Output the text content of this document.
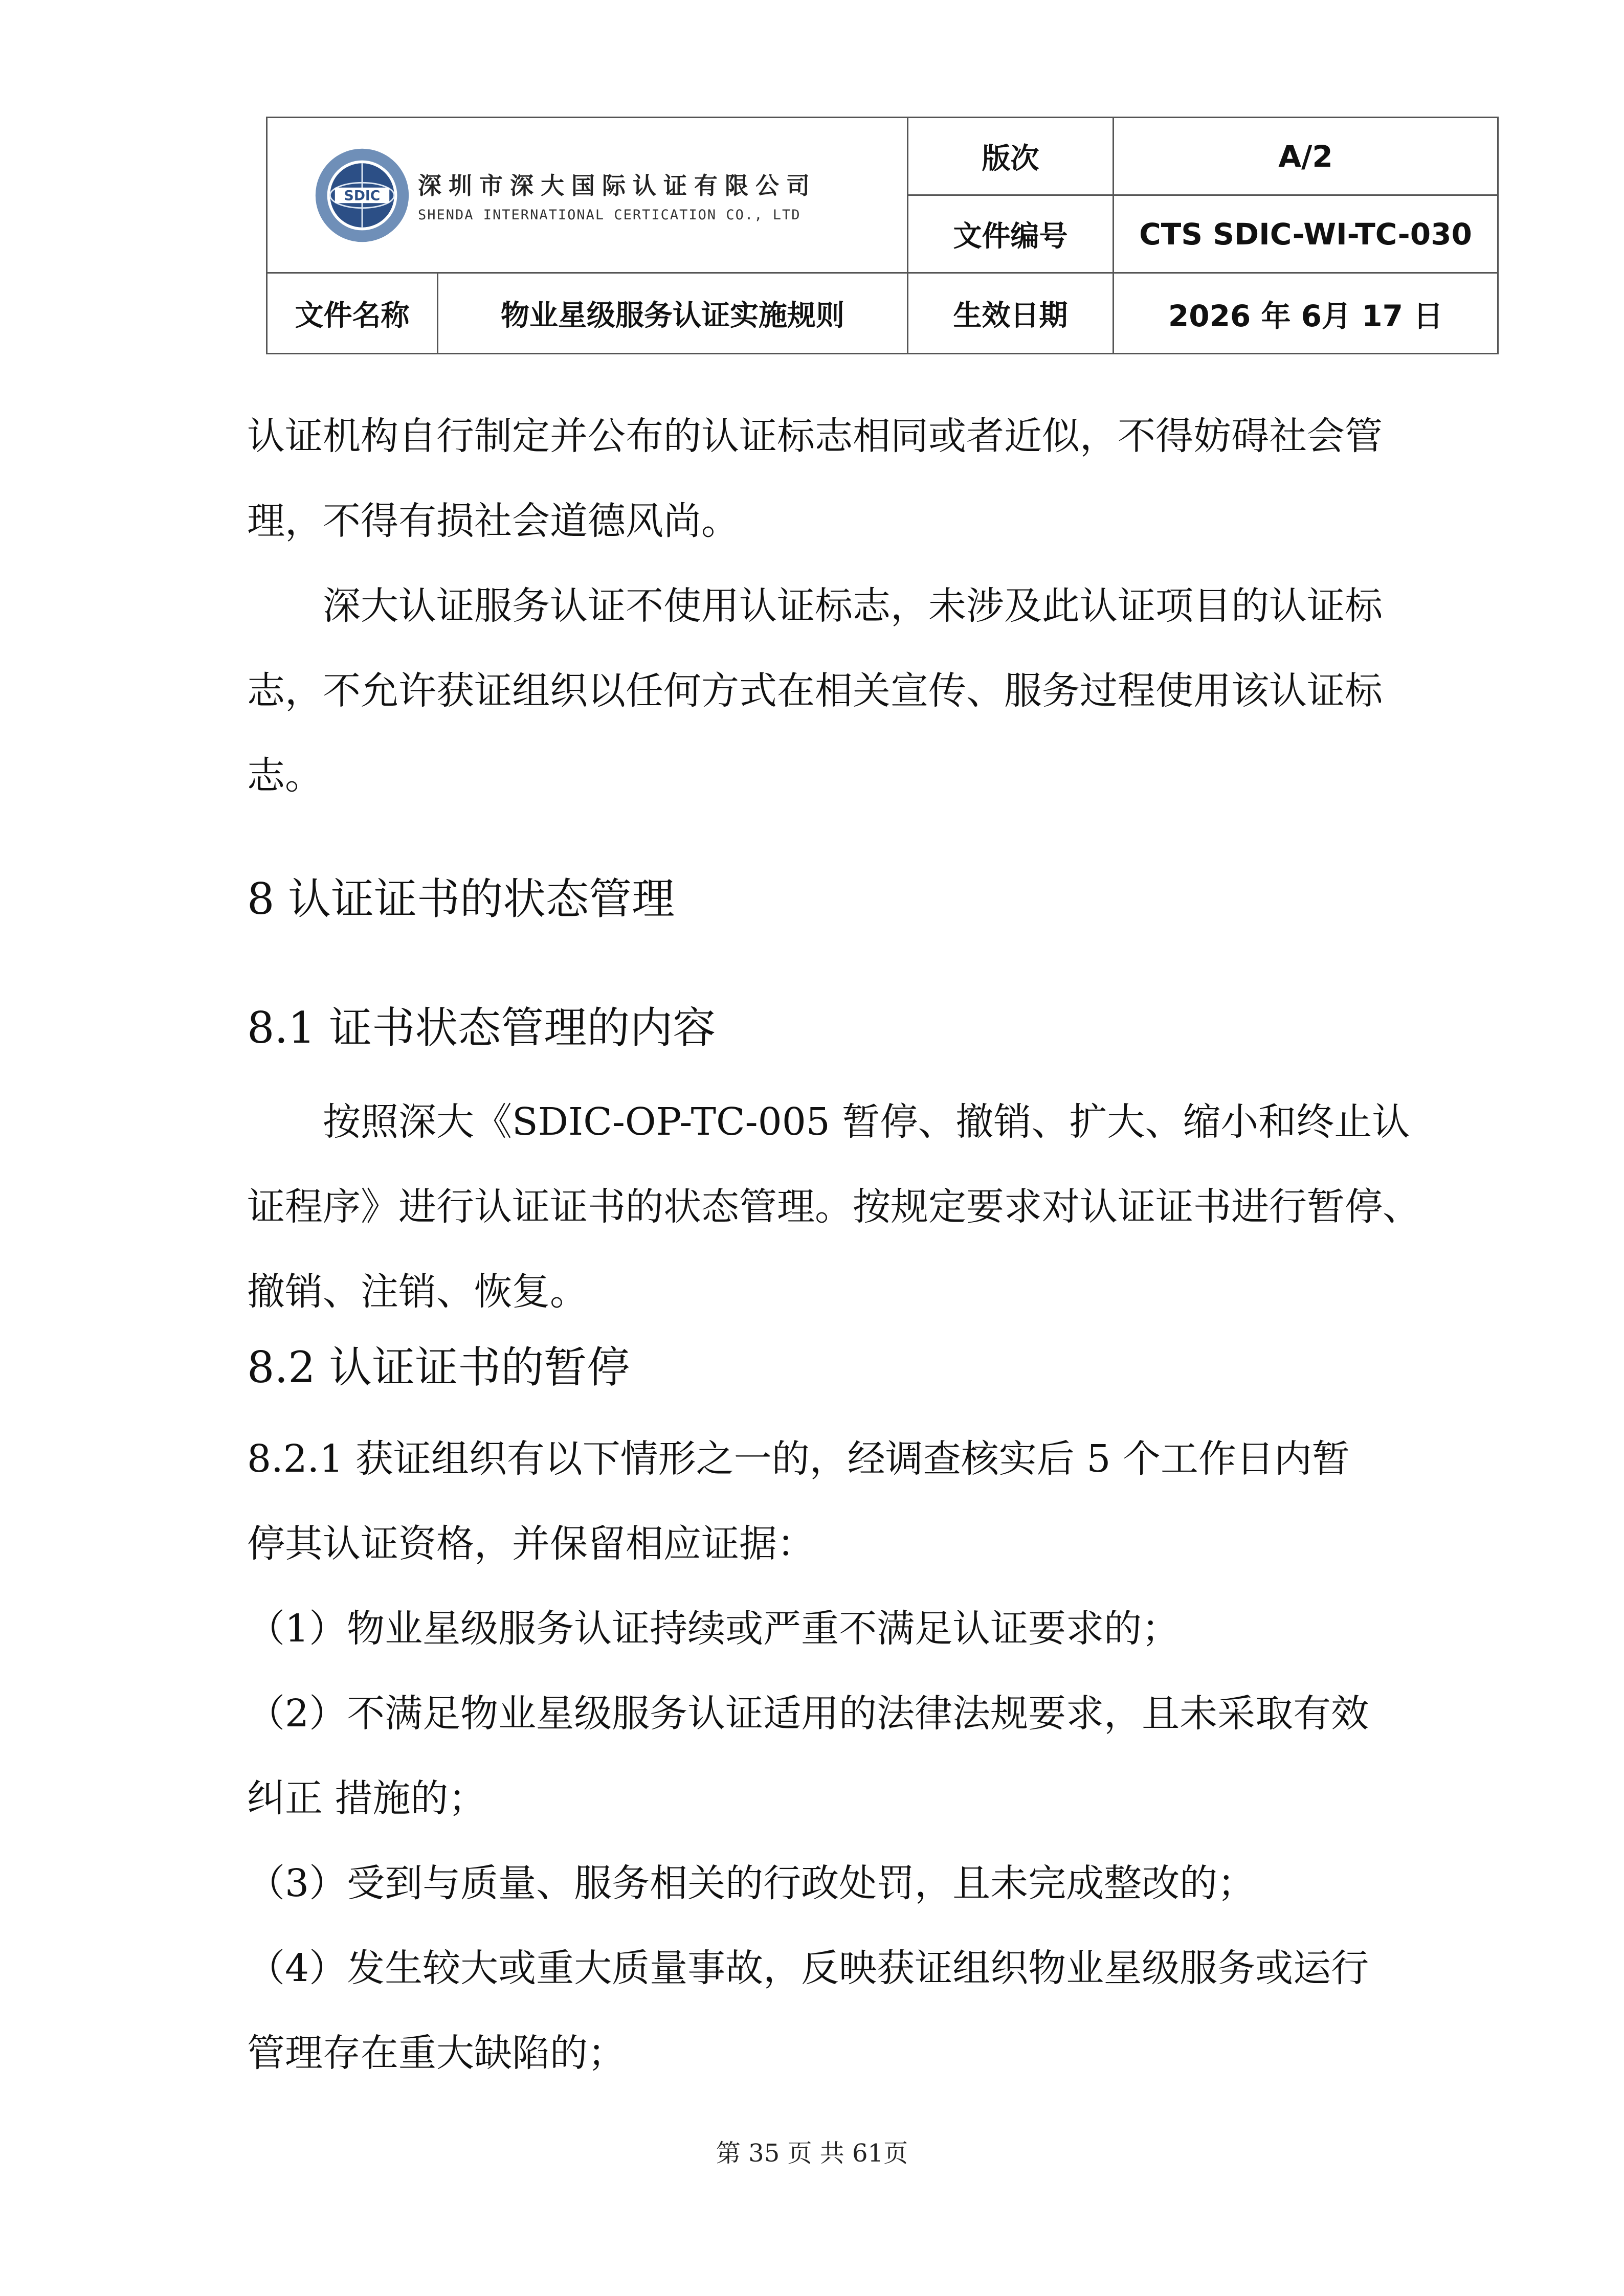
SDIC 深圳市深大国际认证有限公司
SHENDA INTERNATIONAL CERTICATION CO., LTD		版次	A/2
		文件编号	CTS SDIC-WI-TC-030
文件名称	物业星级服务认证实施规则	生效日期	2026 年 6月 17 日
认证机构自行制定并公布的认证标志相同或者近似，不得妨碍社会管
理，不得有损社会道德风尚。
　　深大认证服务认证不使用认证标志，未涉及此认证项目的认证标
志，不允许获证组织以任何方式在相关宣传、服务过程使用该认证标
志。
8 认证证书的状态管理
8.1 证书状态管理的内容
　　按照深大《SDIC-OP-TC-005 暂停、撤销、扩大、缩小和终止认
证程序》进行认证证书的状态管理。按规定要求对认证证书进行暂停、
撤销、注销、恢复。
8.2 认证证书的暂停
8.2.1 获证组织有以下情形之一的，经调查核实后 5 个工作日内暂
停其认证资格，并保留相应证据：
（1）物业星级服务认证持续或严重不满足认证要求的；
（2）不满足物业星级服务认证适用的法律法规要求，且未采取有效
纠正 措施的；
（3）受到与质量、服务相关的行政处罚，且未完成整改的；
（4）发生较大或重大质量事故，反映获证组织物业星级服务或运行
管理存在重大缺陷的；
第 35 页 共 61页
